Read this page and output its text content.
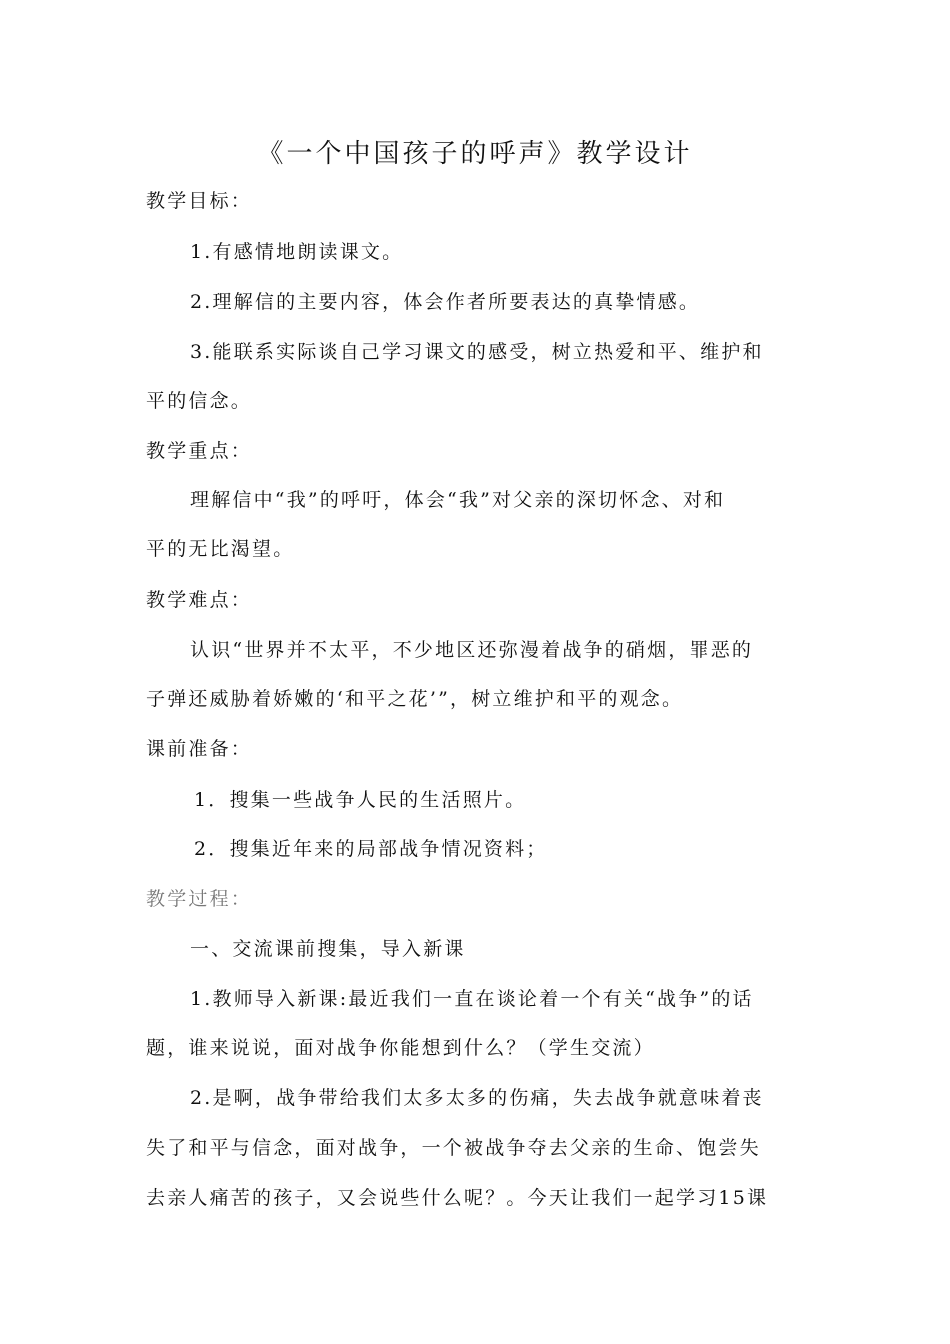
《一个中国孩子的呼声》教学设计
教学目标：
1.有感情地朗读课文。
2.理解信的主要内容，体会作者所要表达的真挚情感。
3.能联系实际谈自己学习课文的感受，树立热爱和平、维护和
平的信念。
教学重点：
理解信中“我”的呼吁，体会“我”对父亲的深切怀念、对和
平的无比渴望。
教学难点：
认识“世界并不太平，不少地区还弥漫着战争的硝烟，罪恶的
子弹还威胁着娇嫩的‘和平之花’”，树立维护和平的观念。
课前准备：
1．搜集一些战争人民的生活照片。
2．搜集近年来的局部战争情况资料；
教学过程：
一、交流课前搜集，导入新课
1.教师导入新课:最近我们一直在谈论着一个有关“战争”的话
题，谁来说说，面对战争你能想到什么？（学生交流）
2.是啊，战争带给我们太多太多的伤痛，失去战争就意味着丧
失了和平与信念，面对战争，一个被战争夺去父亲的生命、饱尝失
去亲人痛苦的孩子，又会说些什么呢？。今天让我们一起学习15课
